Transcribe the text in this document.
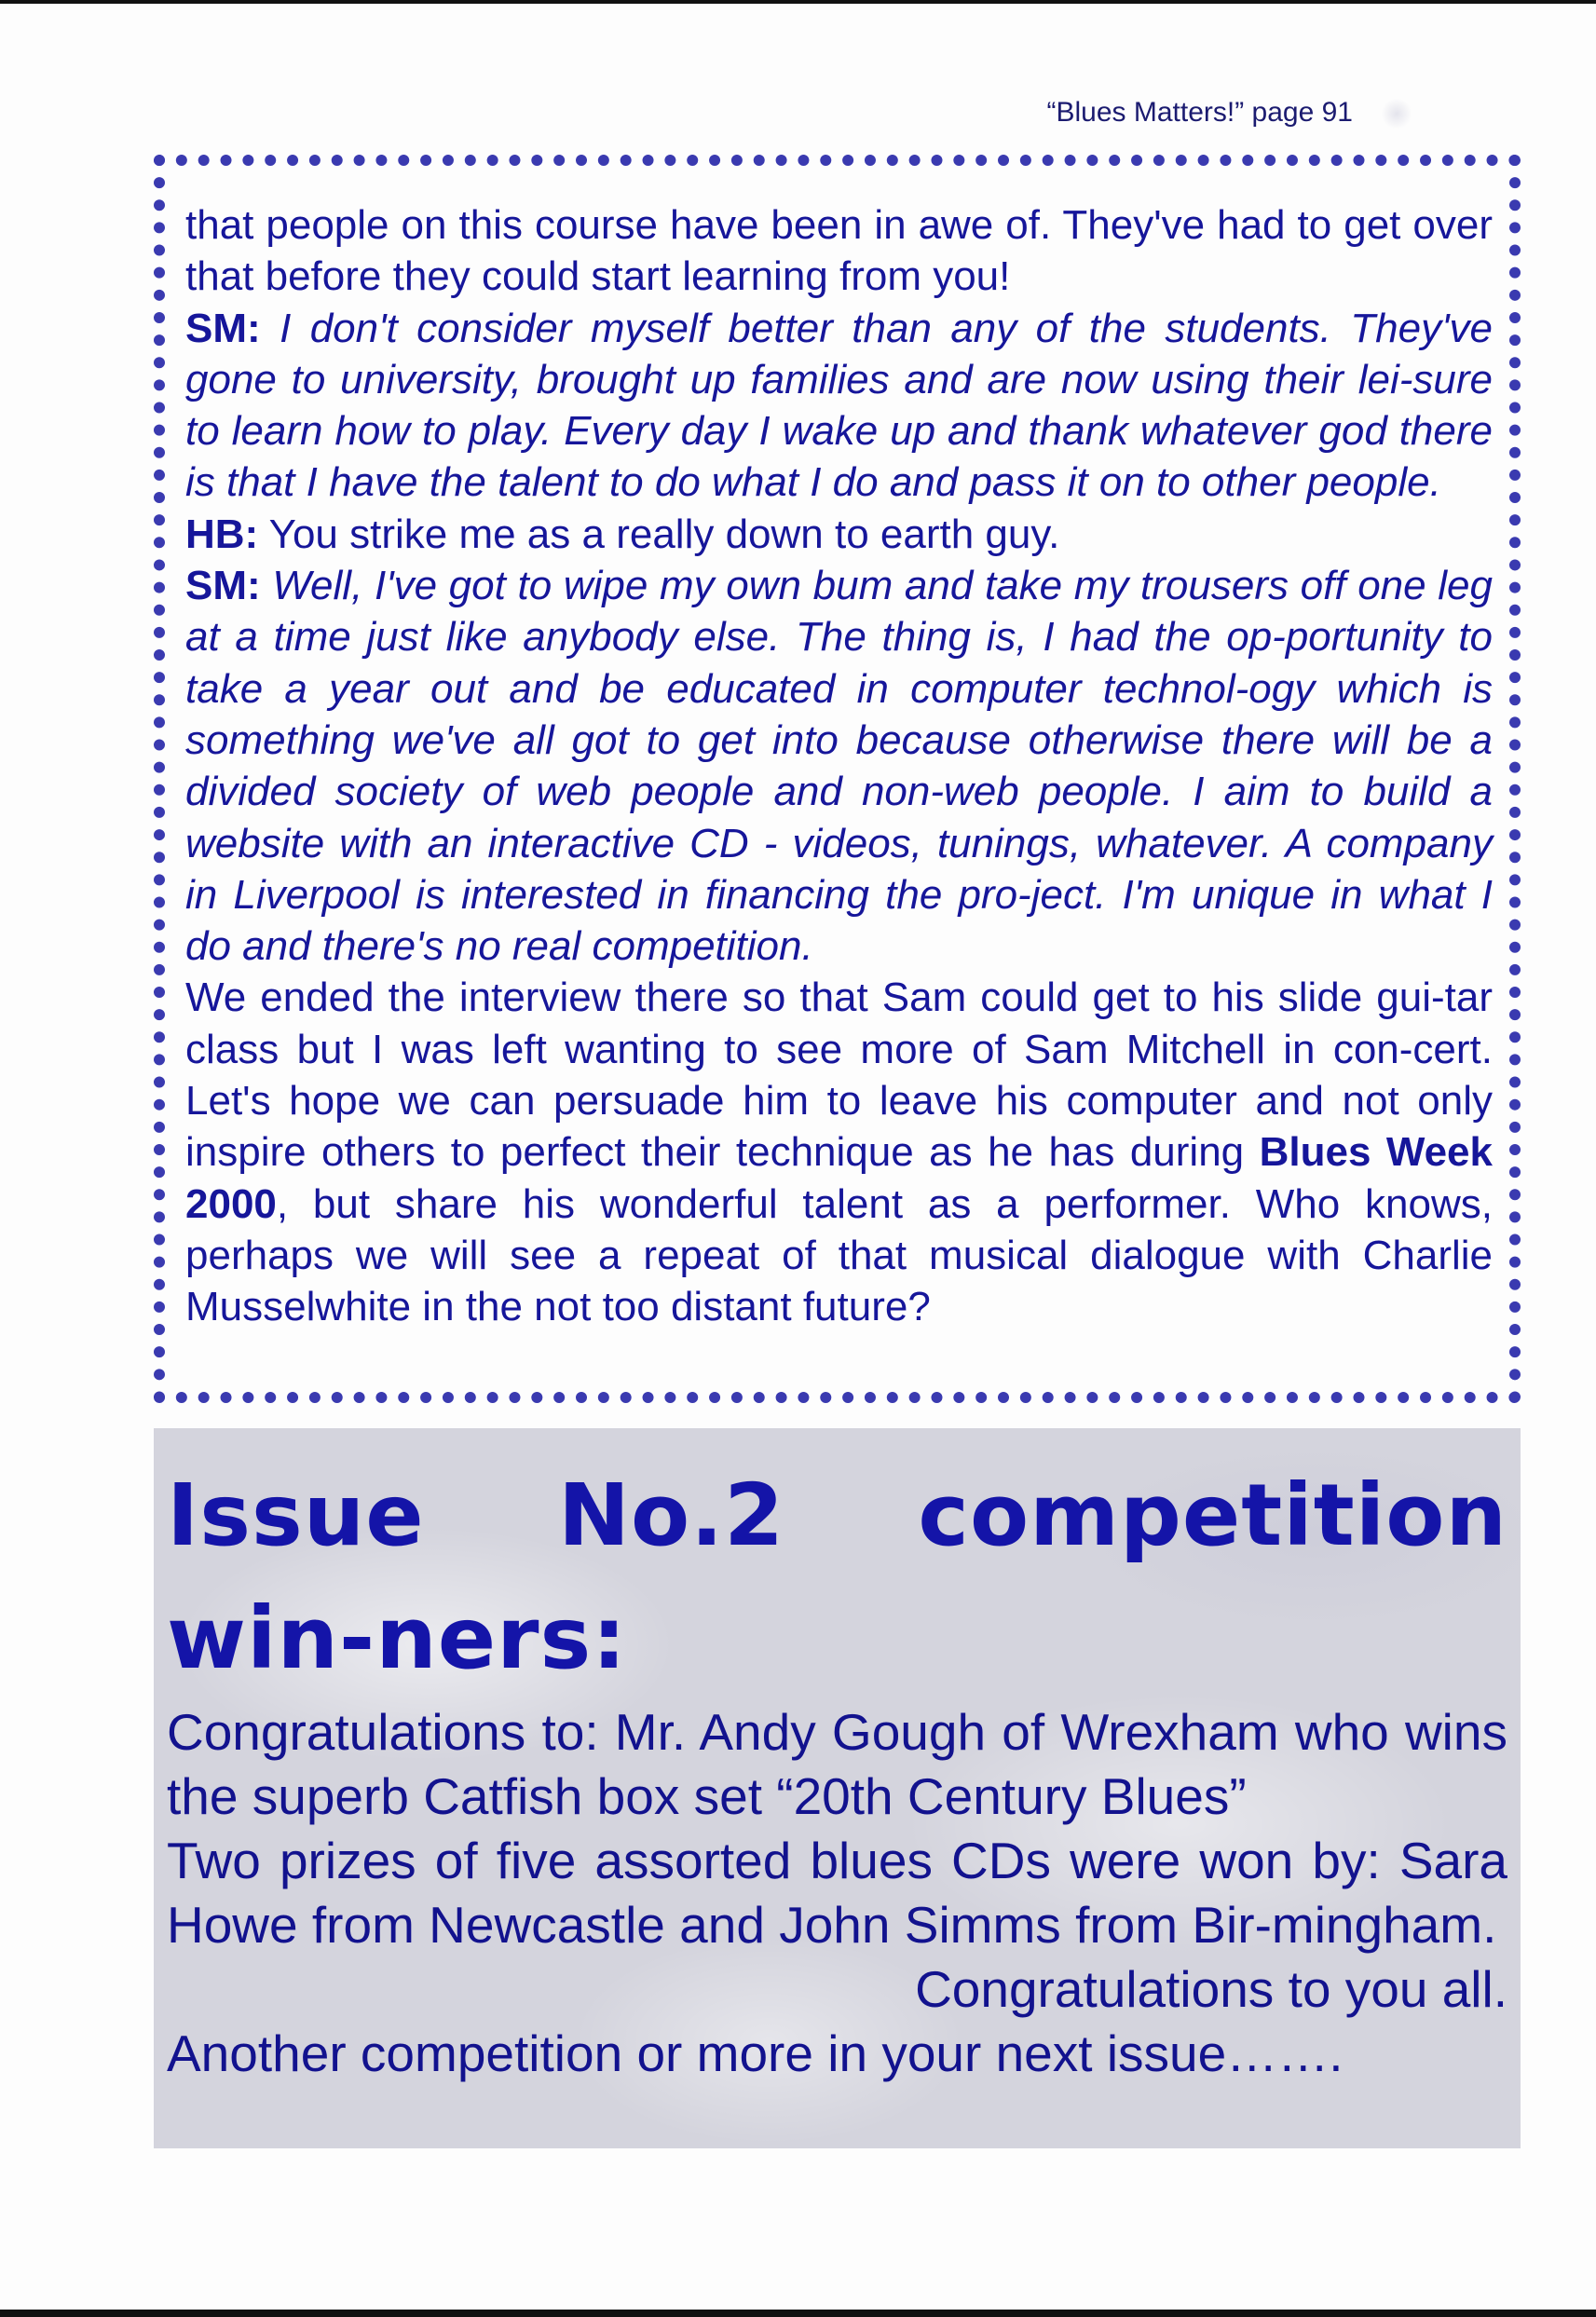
“Blues Matters!” page 91

that people on this course have been in awe of. They've had to get over that before they could start learning from you!

SM: I don't consider myself better than any of the students. They've gone to university, brought up families and are now using their lei-sure to learn how to play. Every day I wake up and thank whatever god there is that I have the talent to do what I do and pass it on to other people.

HB: You strike me as a really down to earth guy.

SM: Well, I've got to wipe my own bum and take my trousers off one leg at a time just like anybody else. The thing is, I had the op-portunity to take a year out and be educated in computer technol-ogy which is something we've all got to get into because otherwise there will be a divided society of web people and non-web people. I aim to build a website with an interactive CD - videos, tunings, whatever. A company in Liverpool is interested in financing the pro-ject. I'm unique in what I do and there's no real competition.

We ended the interview there so that Sam could get to his slide gui-tar class but I was left wanting to see more of Sam Mitchell in con-cert. Let's hope we can persuade him to leave his computer and not only inspire others to perfect their technique as he has during Blues Week 2000, but share his wonderful talent as a performer. Who knows, perhaps we will see a repeat of that musical dialogue with Charlie Musselwhite in the not too distant future?

Issue No.2 competition win-ners:

Congratulations to: Mr. Andy Gough of Wrexham who wins the superb Catfish box set “20th Century Blues”

Two prizes of five assorted blues CDs were won by: Sara Howe from Newcastle and John Simms from Bir-mingham.

Congratulations to you all.

Another competition or more in your next issue…….
